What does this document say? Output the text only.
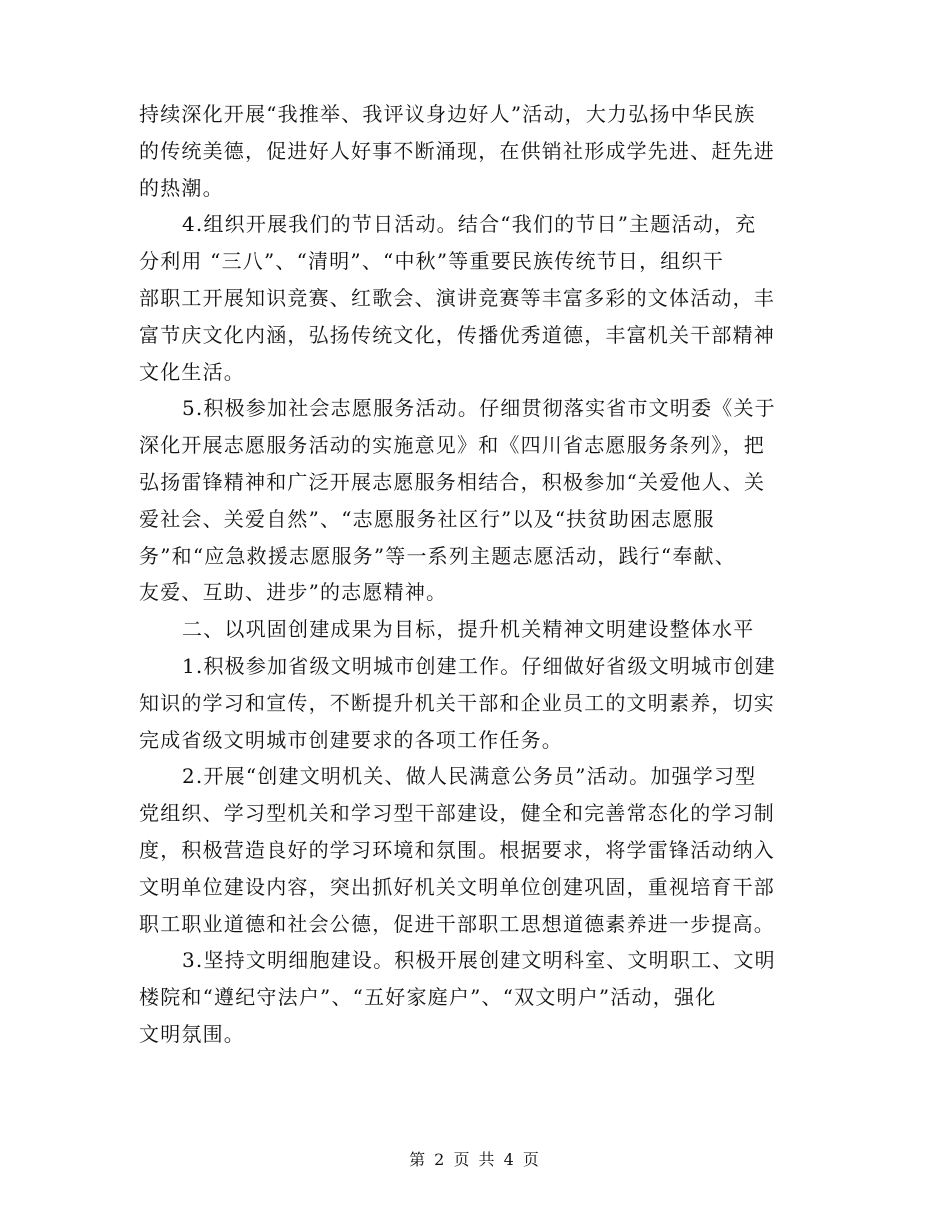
持续深化开展“我推举、我评议身边好人”活动，大力弘扬中华民族

的传统美德，促进好人好事不断涌现，在供销社形成学先进、赶先进

的热潮。

4.组织开展我们的节日活动。结合“我们的节日”主题活动，充

分利用 “三八”、“清明”、“中秋”等重要民族传统节日，组织干

部职工开展知识竞赛、红歌会、演讲竞赛等丰富多彩的文体活动，丰

富节庆文化内涵，弘扬传统文化，传播优秀道德，丰富机关干部精神

文化生活。

5.积极参加社会志愿服务活动。仔细贯彻落实省市文明委《关于

深化开展志愿服务活动的实施意见》和《四川省志愿服务条列》，把

弘扬雷锋精神和广泛开展志愿服务相结合，积极参加“关爱他人、关

爱社会、关爱自然”、“志愿服务社区行”以及“扶贫助困志愿服

务”和“应急救援志愿服务”等一系列主题志愿活动，践行“奉献、

友爱、互助、进步”的志愿精神。

二、以巩固创建成果为目标，提升机关精神文明建设整体水平

1.积极参加省级文明城市创建工作。仔细做好省级文明城市创建

知识的学习和宣传，不断提升机关干部和企业员工的文明素养，切实

完成省级文明城市创建要求的各项工作任务。

2.开展“创建文明机关、做人民满意公务员”活动。加强学习型

党组织、学习型机关和学习型干部建设，健全和完善常态化的学习制

度，积极营造良好的学习环境和氛围。根据要求，将学雷锋活动纳入

文明单位建设内容，突出抓好机关文明单位创建巩固，重视培育干部

职工职业道德和社会公德，促进干部职工思想道德素养进一步提高。

3.坚持文明细胞建设。积极开展创建文明科室、文明职工、文明

楼院和“遵纪守法户”、“五好家庭户”、“双文明户”活动，强化

文明氛围。

第 2 页 共 4 页
